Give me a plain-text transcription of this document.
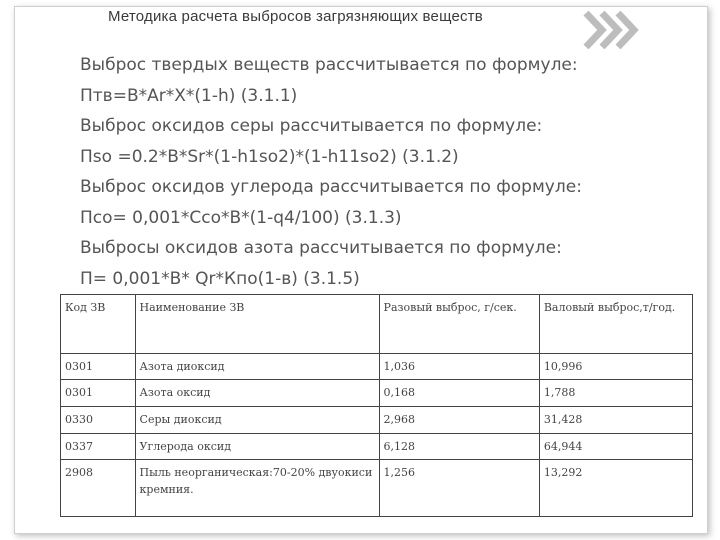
Методика расчета выбросов загрязняющих веществ
Выброс твердых веществ рассчитывается по формуле:
Птв=В*Ar*X*(1-h) (3.1.1)
Выброс оксидов серы рассчитывается по формуле:
Пso =0.2*B*Sr*(1-h1so2)*(1-h11so2) (3.1.2)
Выброс оксидов углерода рассчитывается по формуле:
Пco= 0,001*Cco*B*(1-q4/100) (3.1.3)
Выбросы оксидов азота рассчитывается по формуле:
П= 0,001*B* Qr*Кпо(1-в) (3.1.5)
Код ЗВ	Наименование ЗВ	Разовый выброс, г/сек.	Валовый выброс,т/год.
0301	Азота диоксид	1,036	10,996
0301	Азота оксид	0,168	1,788
0330	Серы диоксид	2,968	31,428
0337	Углерода оксид	6,128	64,944
2908	Пыль неорганическая:70-20% двуокиси кремния.	1,256	13,292
